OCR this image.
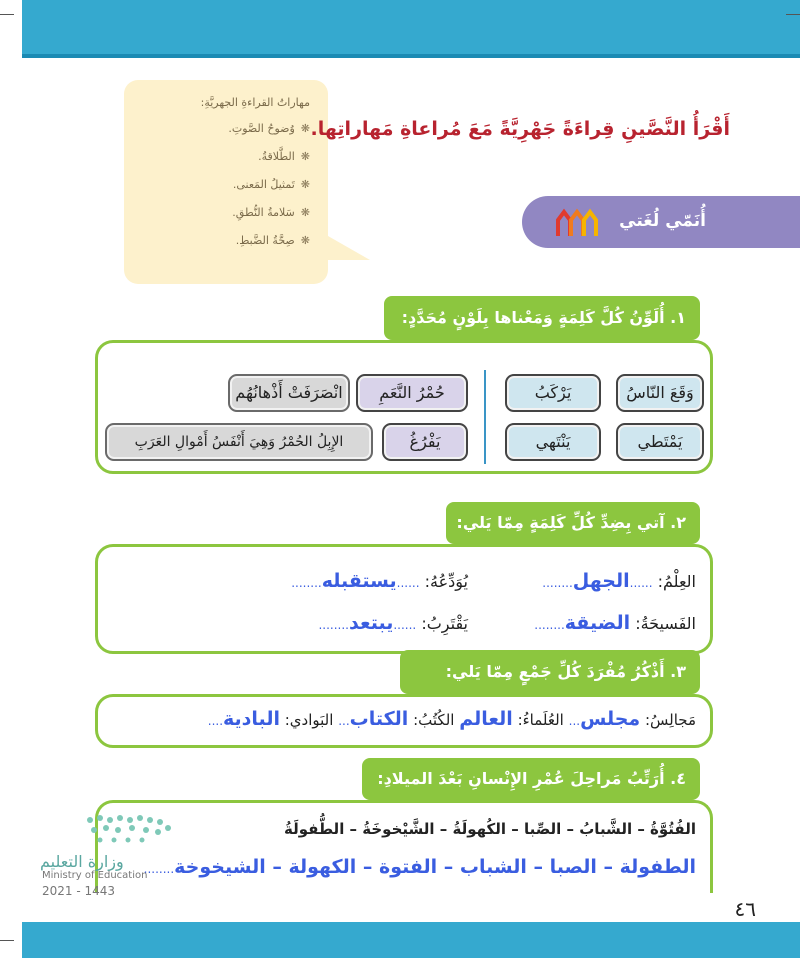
مهاراتُ القراءةِ الجهريَّةِ:
❋وُضوحُ الصَّوتِ.
❋الطَّلاقةُ.
❋تَمثيلُ المَعنى.
❋سَلامةُ النُّطقِ.
❋صِحَّةُ الضَّبطِ.
أَقْرَأُ النَّصَّينِ قِراءَةً جَهْرِيَّةً مَعَ مُراعاةِ مَهاراتِها.
أُنَمّي لُغَتي
١. أُلَوِّنُ كُلَّ كَلِمَةٍ وَمَعْناها بِلَوْنٍ مُحَدَّدٍ:
وَقَعَ النّاسُ
يَرْكَبُ
يَمْتَطي
يَنْتَهي
حُمْرُ النَّعَمِ
انْصَرَفَتْ أَذْهانُهُم
يَفْرُغُ
الإِبِلُ الحُمْرُ وَهِيَ أَنْفَسُ أَمْوالِ العَرَبِ
٢. آتي بِضِدِّ كُلِّ كَلِمَةٍ مِمّا يَلي:
العِلْمُ: ......الجهل........
يُوَدِّعُهُ: ......يستقبله........
الفَسيحَةُ: الضيقة........
يَقْتَرِبُ: ......يبتعد........
٣. أَذْكُرُ مُفْرَدَ كُلِّ جَمْعٍ مِمّا يَلي:
مَجالِسُ: مجلس... العُلَماءُ: العالم الكُتُبُ: الكتاب... البَوادي: البادية....
٤. أُرَتِّبُ مَراحِلَ عُمْرِ الإِنْسانِ بَعْدَ الميلادِ:
الفُتُوَّةُ – الشَّبابُ – الصِّبا – الكُهولَةُ – الشَّيْخوخَةُ – الطُّفولَةُ
الطفولة – الصبا – الشباب – الفتوة – الكهولة – الشيخوخة........
وزارة التعليم
Ministry of Education
2021 - 1443
٤٦
